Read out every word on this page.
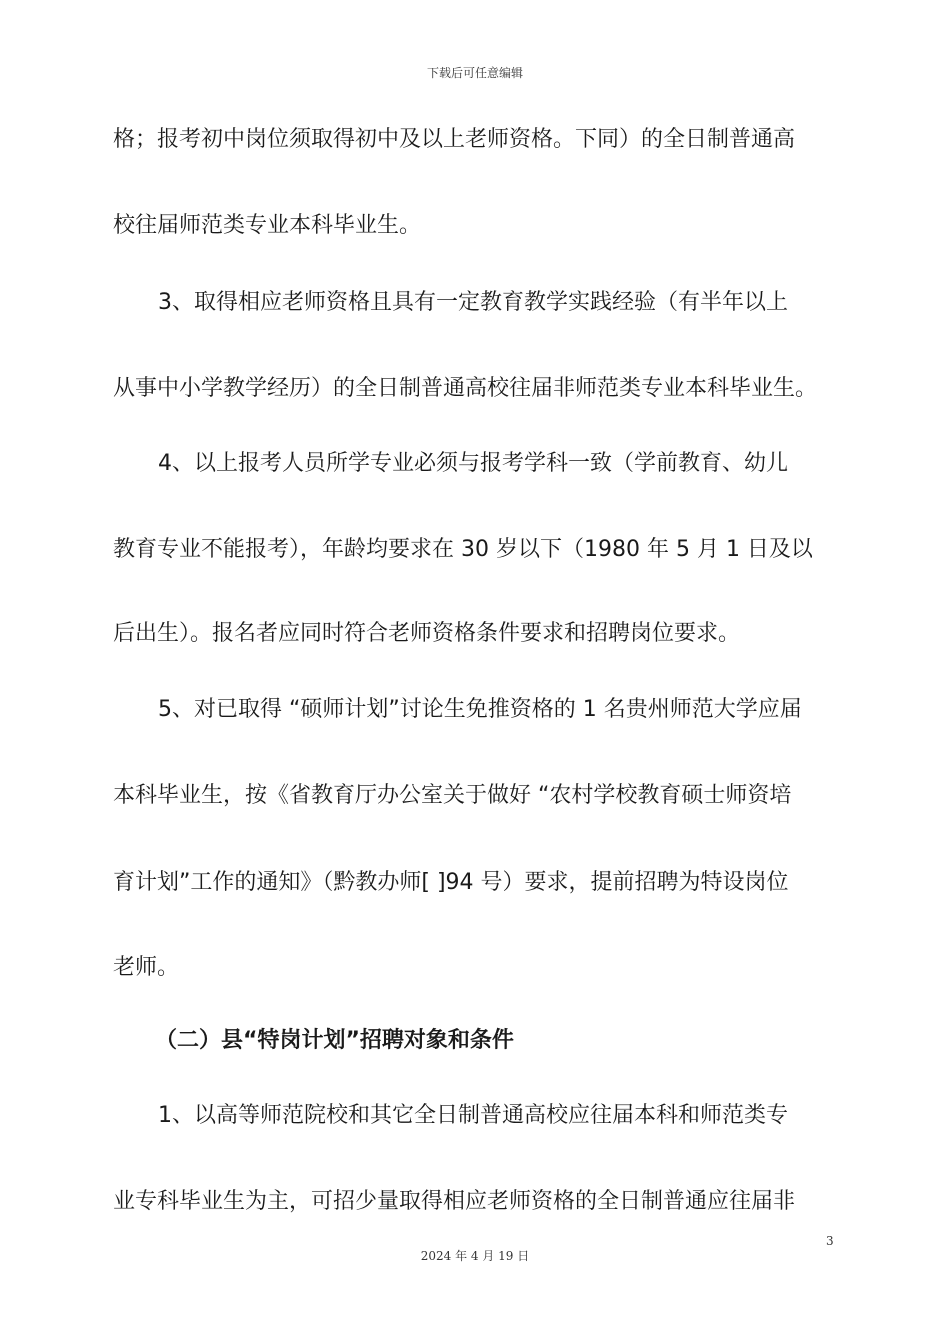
下载后可任意编辑
格；报考初中岗位须取得初中及以上老师资格。下同）的全日制普通高
校往届师范类专业本科毕业生。
3、取得相应老师资格且具有一定教育教学实践经验（有半年以上
从事中小学教学经历）的全日制普通高校往届非师范类专业本科毕业生。
4、以上报考人员所学专业必须与报考学科一致（学前教育、幼儿
教育专业不能报考），年龄均要求在 30 岁以下（1980 年 5 月 1 日及以
后出生）。报名者应同时符合老师资格条件要求和招聘岗位要求。
5、对已取得 “硕师计划”讨论生免推资格的 1 名贵州师范大学应届
本科毕业生，按《省教育厅办公室关于做好 “农村学校教育硕士师资培
育计划”工作的通知》（黔教办师[ ]94 号）要求，提前招聘为特设岗位
老师。
（二）县“特岗计划”招聘对象和条件
1、以高等师范院校和其它全日制普通高校应往届本科和师范类专
业专科毕业生为主，可招少量取得相应老师资格的全日制普通应往届非
3
2024 年 4 月 19 日
